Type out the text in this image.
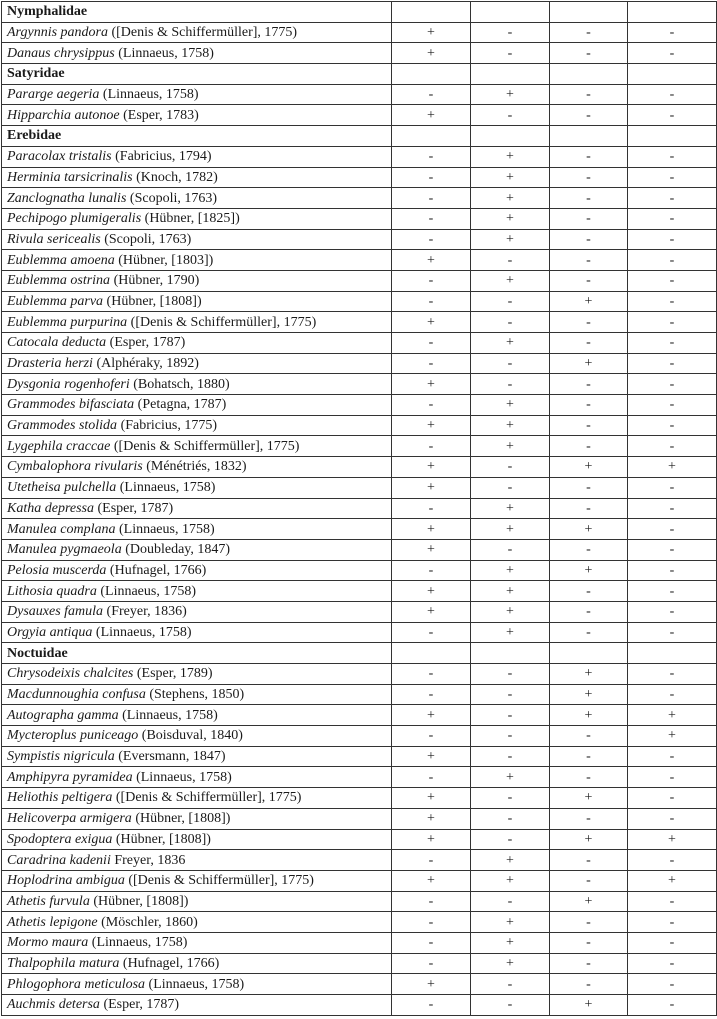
Nymphalidae				
Argynnis pandora ([Denis & Schiffermüller], 1775)	+	-	-	-
Danaus chrysippus (Linnaeus, 1758)	+	-	-	-
Satyridae				
Pararge aegeria (Linnaeus, 1758)	-	+	-	-
Hipparchia autonoe (Esper, 1783)	+	-	-	-
Erebidae				
Paracolax tristalis (Fabricius, 1794)	-	+	-	-
Herminia tarsicrinalis (Knoch, 1782)	-	+	-	-
Zanclognatha lunalis (Scopoli, 1763)	-	+	-	-
Pechipogo plumigeralis (Hübner, [1825])	-	+	-	-
Rivula sericealis (Scopoli, 1763)	-	+	-	-
Eublemma amoena (Hübner, [1803])	+	-	-	-
Eublemma ostrina (Hübner, 1790)	-	+	-	-
Eublemma parva (Hübner, [1808])	-	-	+	-
Eublemma purpurina ([Denis & Schiffermüller], 1775)	+	-	-	-
Catocala deducta (Esper, 1787)	-	+	-	-
Drasteria herzi (Alphéraky, 1892)	-	-	+	-
Dysgonia rogenhoferi (Bohatsch, 1880)	+	-	-	-
Grammodes bifasciata (Petagna, 1787)	-	+	-	-
Grammodes stolida (Fabricius, 1775)	+	+	-	-
Lygephila craccae ([Denis & Schiffermüller], 1775)	-	+	-	-
Cymbalophora rivularis (Ménétriés, 1832)	+	-	+	+
Utetheisa pulchella (Linnaeus, 1758)	+	-	-	-
Katha depressa (Esper, 1787)	-	+	-	-
Manulea complana (Linnaeus, 1758)	+	+	+	-
Manulea pygmaeola (Doubleday, 1847)	+	-	-	-
Pelosia muscerda (Hufnagel, 1766)	-	+	+	-
Lithosia quadra (Linnaeus, 1758)	+	+	-	-
Dysauxes famula (Freyer, 1836)	+	+	-	-
Orgyia antiqua (Linnaeus, 1758)	-	+	-	-
Noctuidae				
Chrysodeixis chalcites (Esper, 1789)	-	-	+	-
Macdunnoughia confusa (Stephens, 1850)	-	-	+	-
Autographa gamma (Linnaeus, 1758)	+	-	+	+
Mycteroplus puniceago (Boisduval, 1840)	-	-	-	+
Sympistis nigricula (Eversmann, 1847)	+	-	-	-
Amphipyra pyramidea (Linnaeus, 1758)	-	+	-	-
Heliothis peltigera ([Denis & Schiffermüller], 1775)	+	-	+	-
Helicoverpa armigera (Hübner, [1808])	+	-	-	-
Spodoptera exigua (Hübner, [1808])	+	-	+	+
Caradrina kadenii Freyer, 1836	-	+	-	-
Hoplodrina ambigua ([Denis & Schiffermüller], 1775)	+	+	-	+
Athetis furvula (Hübner, [1808])	-	-	+	-
Athetis lepigone (Möschler, 1860)	-	+	-	-
Mormo maura (Linnaeus, 1758)	-	+	-	-
Thalpophila matura (Hufnagel, 1766)	-	+	-	-
Phlogophora meticulosa (Linnaeus, 1758)	+	-	-	-
Auchmis detersa (Esper, 1787)	-	-	+	-
